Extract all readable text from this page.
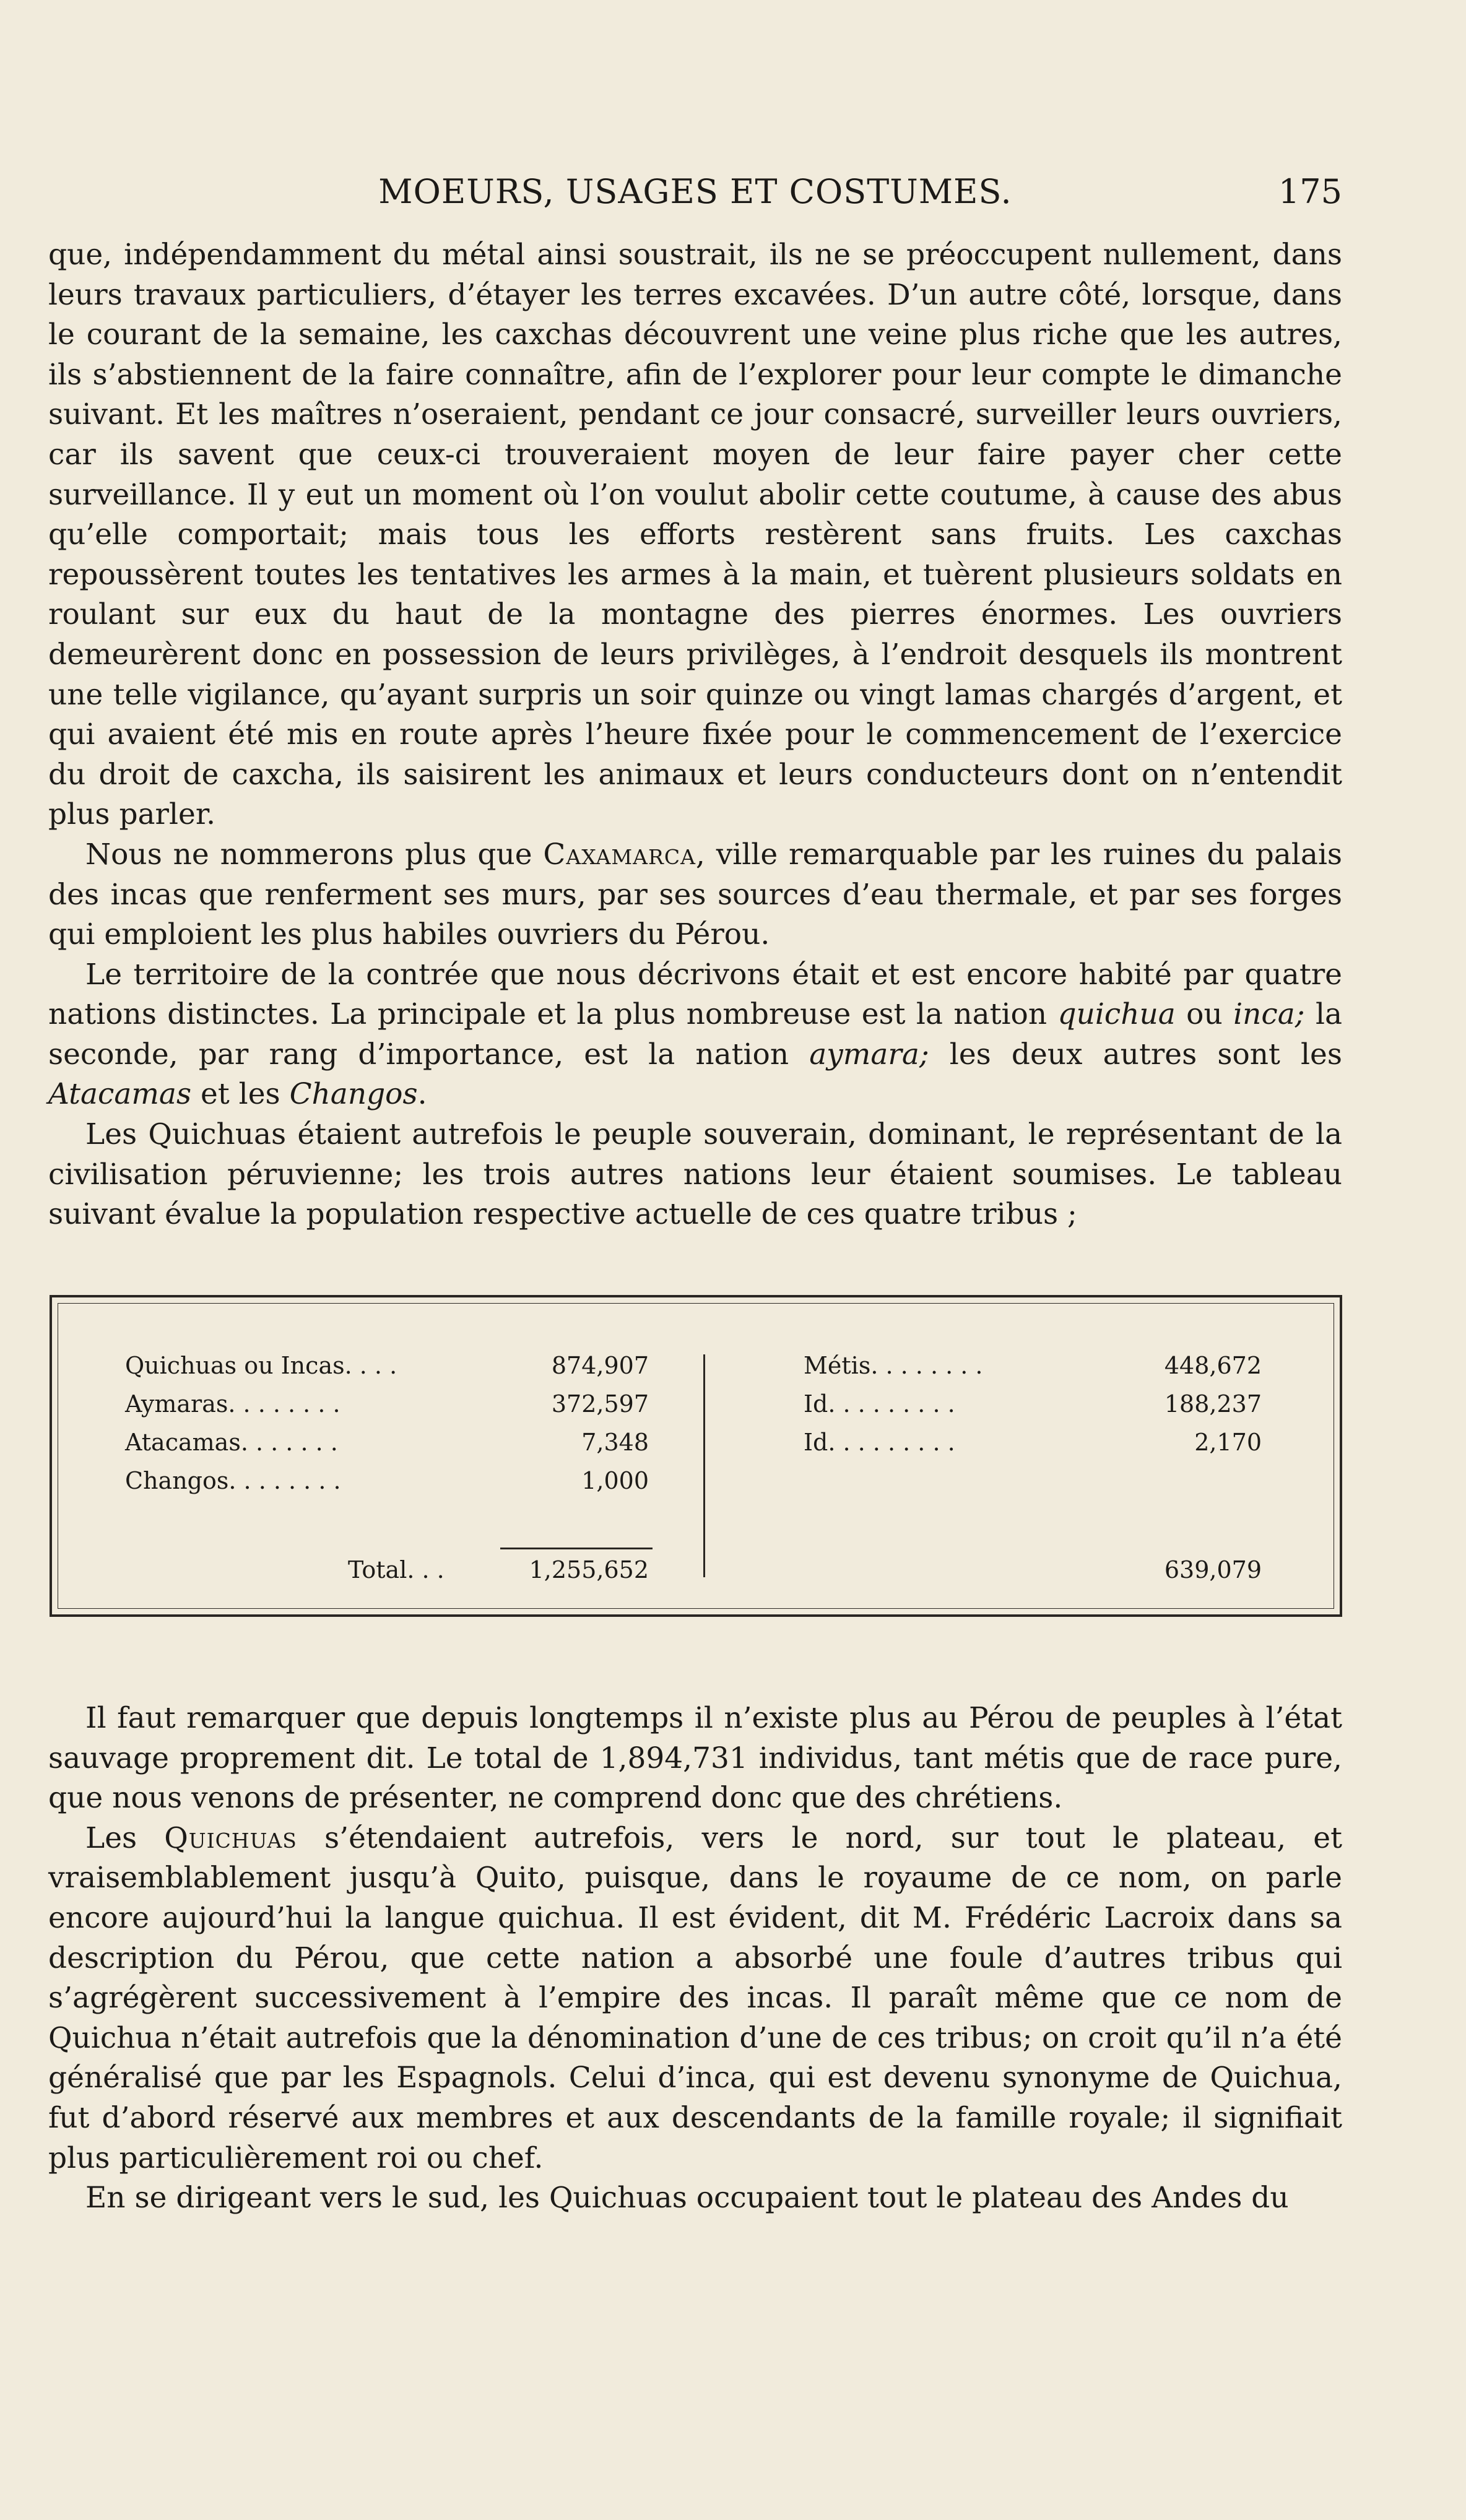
MOEURS, USAGES ET COSTUMES.	175

que, indépendamment du métal ainsi soustrait, ils ne se préoccupent nullement, dans leurs travaux particuliers, d’étayer les terres excavées. D’un autre côté, lorsque, dans le courant de la semaine, les caxchas découvrent une veine plus riche que les autres, ils s’abstiennent de la faire connaître, afin de l’explorer pour leur compte le dimanche suivant. Et les maîtres n’oseraient, pendant ce jour consacré, surveiller leurs ouvriers, car ils savent que ceux-ci trouveraient moyen de leur faire payer cher cette surveillance. Il y eut un moment où l’on voulut abolir cette coutume, à cause des abus qu’elle comportait; mais tous les efforts restèrent sans fruits. Les caxchas repoussèrent toutes les tentatives les armes à la main, et tuèrent plusieurs soldats en roulant sur eux du haut de la montagne des pierres énormes. Les ouvriers demeurèrent donc en possession de leurs privilèges, à l’endroit desquels ils montrent une telle vigilance, qu’ayant surpris un soir quinze ou vingt lamas chargés d’argent, et qui avaient été mis en route après l’heure fixée pour le commencement de l’exercice du droit de caxcha, ils saisirent les animaux et leurs conducteurs dont on n’entendit plus parler.

Nous ne nommerons plus que Caxamarca, ville remarquable par les ruines du palais des incas que renferment ses murs, par ses sources d’eau thermale, et par ses forges qui emploient les plus habiles ouvriers du Pérou.

Le territoire de la contrée que nous décrivons était et est encore habité par quatre nations distinctes. La principale et la plus nombreuse est la nation quichua ou inca; la seconde, par rang d’importance, est la nation aymara; les deux autres sont les Atacamas et les Changos.

Les Quichuas étaient autrefois le peuple souverain, dominant, le représentant de la civilisation péruvienne; les trois autres nations leur étaient soumises. Le tableau suivant évalue la population respective actuelle de ces quatre tribus ;

Quichuas ou Incas. . . .	874,907
Aymaras. . . . . . . .	372,597
Atacamas. . . . . . .	7,348
Changos. . . . . . . .	1,000
Total. . .	1,255,652
Métis. . . . . . . .	448,672
Id. . . . . . . . .	188,237
Id. . . . . . . . .	2,170
639,079

Il faut remarquer que depuis longtemps il n’existe plus au Pérou de peuples à l’état sauvage proprement dit. Le total de 1,894,731 individus, tant métis que de race pure, que nous venons de présenter, ne comprend donc que des chrétiens.

Les Quichuas s’étendaient autrefois, vers le nord, sur tout le plateau, et vraisemblablement jusqu’à Quito, puisque, dans le royaume de ce nom, on parle encore aujourd’hui la langue quichua. Il est évident, dit M. Frédéric Lacroix dans sa description du Pérou, que cette nation a absorbé une foule d’autres tribus qui s’agrégèrent successivement à l’empire des incas. Il paraît même que ce nom de Quichua n’était autrefois que la dénomination d’une de ces tribus; on croit qu’il n’a été généralisé que par les Espagnols. Celui d’inca, qui est devenu synonyme de Quichua, fut d’abord réservé aux membres et aux descendants de la famille royale; il signifiait plus particulièrement roi ou chef.

En se dirigeant vers le sud, les Quichuas occupaient tout le plateau des Andes du
